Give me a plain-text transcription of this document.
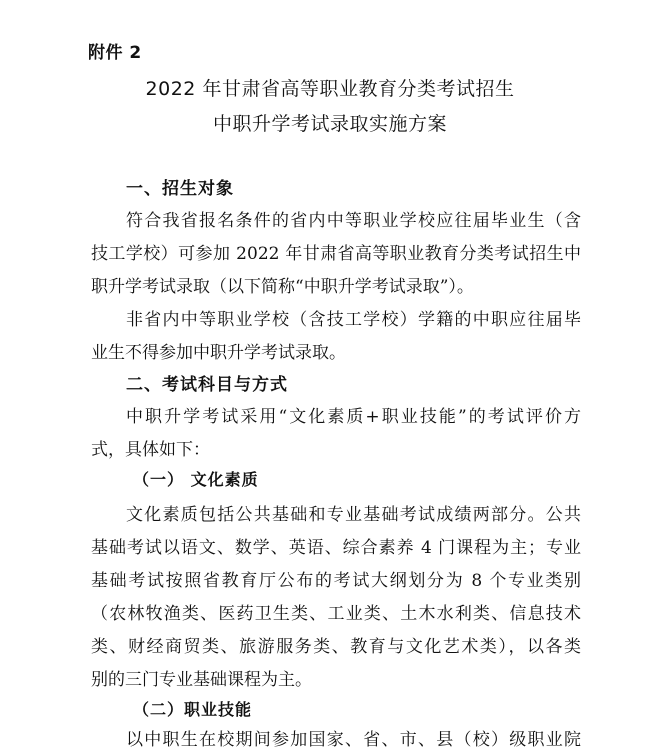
附件 2
2022 年甘肃省高等职业教育分类考试招生
中职升学考试录取实施方案
一、招生对象
符合我省报名条件的省内中等职业学校应往届毕业生（含
技工学校）可参加 2022 年甘肃省高等职业教育分类考试招生中
职升学考试录取（以下简称“中职升学考试录取”）。
非省内中等职业学校（含技工学校）学籍的中职应往届毕
业生不得参加中职升学考试录取。
二、考试科目与方式
中职升学考试采用“文化素质+职业技能”的考试评价方
式，具体如下：
（一） 文化素质
文化素质包括公共基础和专业基础考试成绩两部分。公共
基础考试以语文、数学、英语、综合素养 4 门课程为主；专业
基础考试按照省教育厅公布的考试大纲划分为 8 个专业类别
（农林牧渔类、医药卫生类、工业类、土木水利类、信息技术
类、财经商贸类、旅游服务类、教育与文化艺术类），以各类
别的三门专业基础课程为主。
（二）职业技能
以中职生在校期间参加国家、省、市、县（校）级职业院
